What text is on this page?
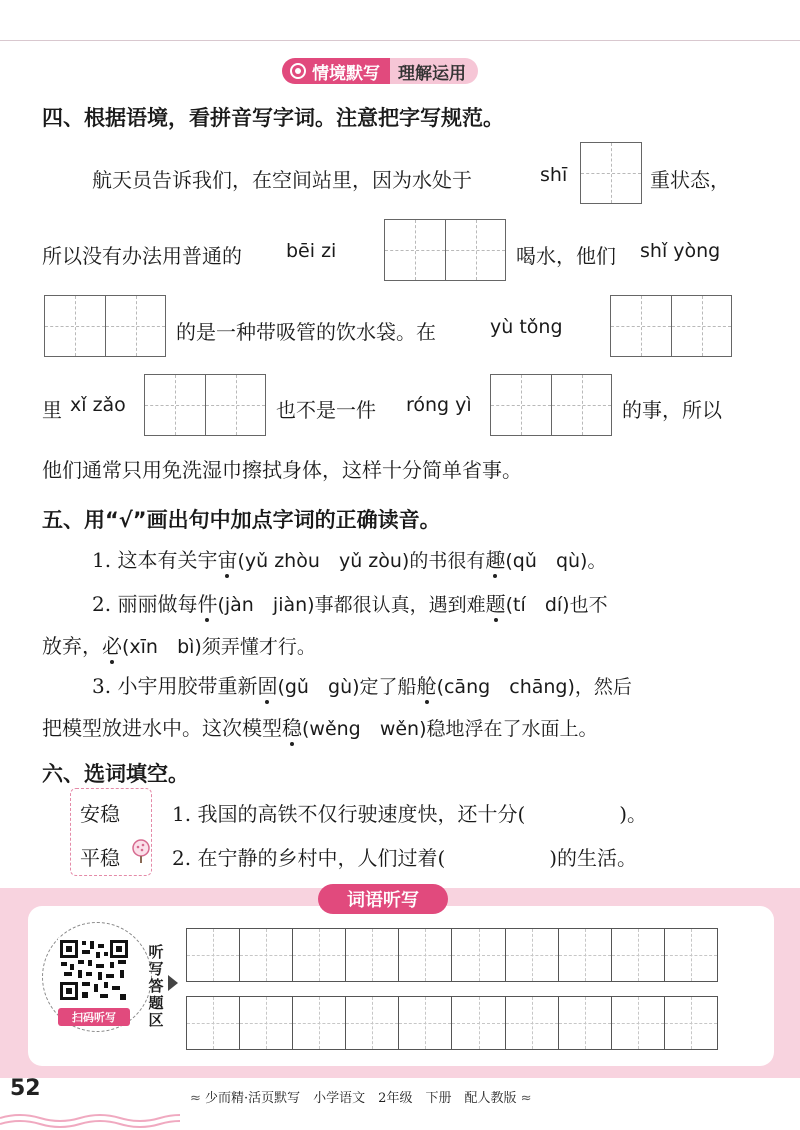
情境默写	理解运用
四、根据语境，看拼音写字词。注意把字写规范。
航天员告诉我们，在空间站里，因为水处于	shī	重状态，
所以没有办法用普通的 bēi zi	喝水，他们 shǐ yòng
的是一种带吸管的饮水袋。在	yù tǒng
里 xǐ zǎo	也不是一件 róng yì	的事，所以
他们通常只用免洗湿巾擦拭身体，这样十分简单省事。
五、用“√”画出句中加点字词的正确读音。
1. 这本有关宇宙(yǔ zhòu yǔ zòu)的书很有趣(qǔ qù)。
2. 丽丽做每件(jàn jiàn)事都很认真，遇到难题(tí dí)也不
放弃，必(xīn bì)须弄懂才行。
3. 小宇用胶带重新固(gǔ gù)定了船舱(cāng chāng)，然后
把模型放进水中。这次模型稳(wěng wěn)稳地浮在了水面上。
六、选词填空。
安稳
平稳
1. 我国的高铁不仅行驶速度快，还十分(	)。
2. 在宁静的乡村中，人们过着(	)的生活。
词语听写
扫码听写
听
写
答
题
区
52	≈ 少而精·活页默写　小学语文　2年级　下册　配人教版 ≈
